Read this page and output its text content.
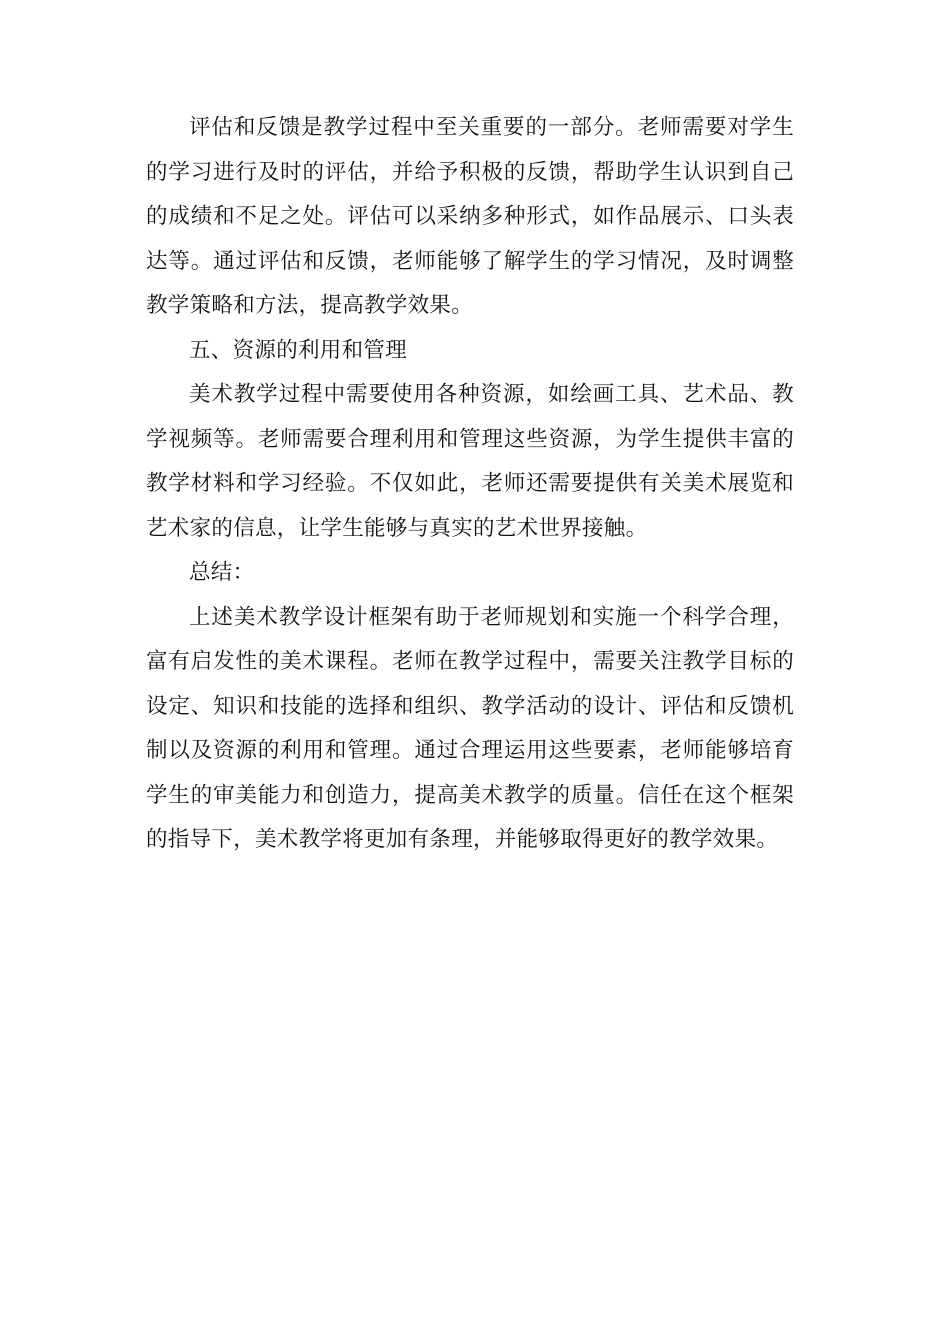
评估和反馈是教学过程中至关重要的一部分。老师需要对学生的学习进行及时的评估，并给予积极的反馈，帮助学生认识到自己的成绩和不足之处。评估可以采纳多种形式，如作品展示、口头表达等。通过评估和反馈，老师能够了解学生的学习情况，及时调整教学策略和方法，提高教学效果。

五、资源的利用和管理

美术教学过程中需要使用各种资源，如绘画工具、艺术品、教学视频等。老师需要合理利用和管理这些资源，为学生提供丰富的教学材料和学习经验。不仅如此，老师还需要提供有关美术展览和艺术家的信息，让学生能够与真实的艺术世界接触。

总结：

上述美术教学设计框架有助于老师规划和实施一个科学合理，富有启发性的美术课程。老师在教学过程中，需要关注教学目标的设定、知识和技能的选择和组织、教学活动的设计、评估和反馈机制以及资源的利用和管理。通过合理运用这些要素，老师能够培育学生的审美能力和创造力，提高美术教学的质量。信任在这个框架的指导下，美术教学将更加有条理，并能够取得更好的教学效果。
